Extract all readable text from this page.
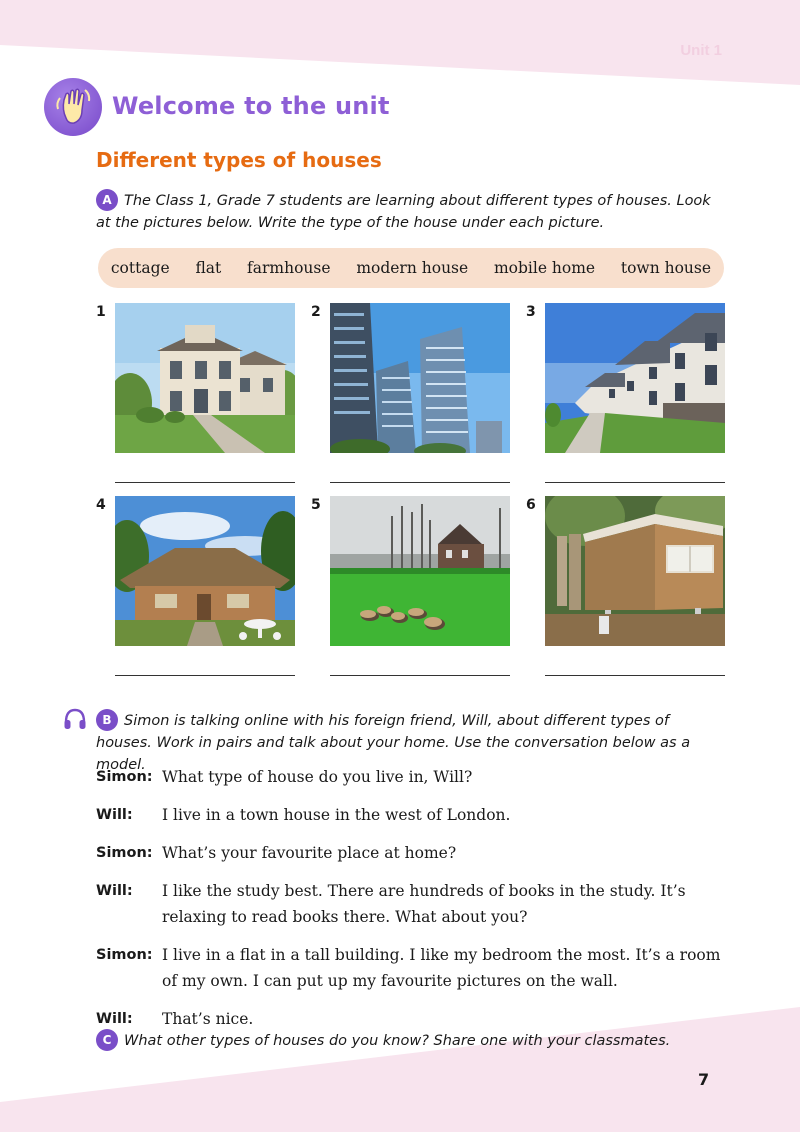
Unit 1
Welcome to the unit
Different types of houses
A The Class 1, Grade 7 students are learning about different types of houses. Look at the pictures below. Write the type of the house under each picture.
cottage flat farmhouse modern house mobile home town house
1	2	3
4	5	6
B Simon is talking online with his foreign friend, Will, about different types of houses. Work in pairs and talk about your home. Use the conversation below as a model.
Simon: What type of house do you live in, Will?
Will:	I live in a town house in the west of London.
Simon: What’s your favourite place at home?
Will:	I like the study best. There are hundreds of books in the study. It’s relaxing to read books there. What about you?
Simon: I live in a flat in a tall building. I like my bedroom the most. It’s a room of my own. I can put up my favourite pictures on the wall.
Will:	That’s nice.
C What other types of houses do you know? Share one with your classmates.
7
